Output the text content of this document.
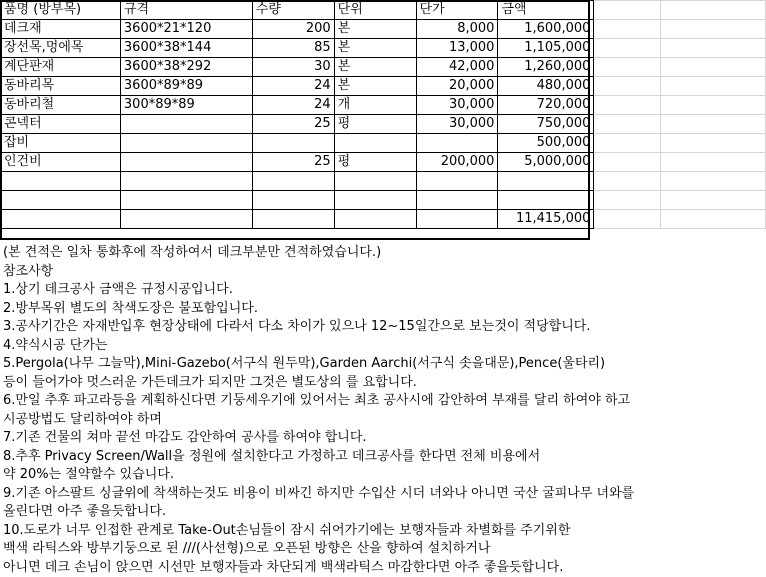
품명 (방부목)	규격	수량	단위	단가	금액		
데크재	3600*21*120	200	본	8,000	1,600,000		
장선목,멍에목	3600*38*144	85	본	13,000	1,105,000		
계단판재	3600*38*292	30	본	42,000	1,260,000		
동바리목	3600*89*89	24	본	20,000	480,000		
동바리철	300*89*89	24	개	30,000	720,000		
콘넥터		25	평	30,000	750,000		
잡비					500,000		
인건비		25	평	200,000	5,000,000		

					11,415,000		
(본 견적은 일차 통화후에 작성하여서 데크부분만 견적하였습니다.)
참조사항
1.상기 데크공사 금액은 규정시공입니다.
2.방부목위 별도의 착색도장은 불포함입니다.
3.공사기간은 자재반입후 현장상태에 다라서 다소 차이가 있으나 12~15일간으로 보는것이 적당합니다.
4.약식시공 단가는
5.Pergola(나무 그늘막),Mini-Gazebo(서구식 원두막),Garden Aarchi(서구식 솟을대문),Pence(울타리)
등이 들어가야 멋스러운 가든데크가 되지만 그것은 별도상의 를 요합니다.
6.만일 추후 파고라등을 계획하신다면 기둥세우기에 있어서는 최초 공사시에 감안하여 부재를 달리 하여야 하고
시공방법도 달리하여야 하며
7.기존 건물의 쳐마 끝선 마감도 감안하여 공사를 하여야 합니다.
8.추후 Privacy Screen/Wall을 정원에 설치한다고 가정하고 데크공사를 한다면 전체 비용에서
약 20%는 절약할수 있습니다.
9.기존 아스팔트 싱글위에 착색하는것도 비용이 비싸긴 하지만 수입산 시더 녀와나 아니면 국산 굴피나무 녀와를
올린다면 아주 좋을듯합니다.
10.도로가 너무 인접한 관계로 Take-Out손님들이 잠시 쉬어가기에는 보행자들과 차별화를 주기위한
백색 라틱스와 방부기둥으로 된 ///(사선형)으로 오픈된 방향은 산을 향하여 설치하거나
아니면 데크 손님이 앉으면 시선만 보행자들과 차단되게 백색라틱스 마감한다면 아주 좋을듯합니다.
